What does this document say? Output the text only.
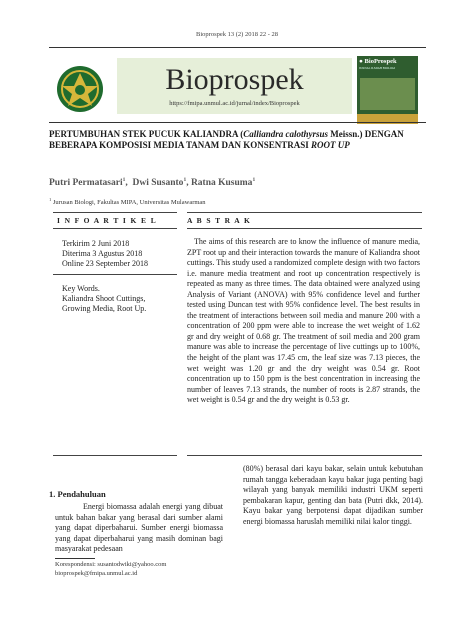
Bioprospek 13 (2) 2018 22 - 28
Bioprospek
https://fmipa.unmul.ac.id/jurnal/index/Bioprospek
● BioProspek
JURNAL ILMIAH BIOLOGI
PERTUMBUHAN STEK PUCUK KALIANDRA (Calliandra calothyrsus Meissn.) DENGAN BEBERAPA KOMPOSISI MEDIA TANAM DAN KONSENTRASI ROOT UP
Putri Permatasari$^1$,  Dwi Susanto$^1$, Ratna Kusuma$^1$
$^1$ Jurusan Biologi, Fakultas MIPA, Universitas Mulawarman
I N F O A R T I K E L	A B S T R A K
Terkirim 2 Juni 2018
Diterima 3 Agustus 2018
Online 23 September 2018
Key Words.
Kaliandra Shoot Cuttings, Growing Media, Root Up.
The aims of this research are to know the influence of manure media, ZPT root up and their interaction towards the manure of Kaliandra shoot cuttings. This study used a randomized complete design with two factors i.e. manure media treatment and root up concentration respectively is repeated as many as three times. The data obtained were analyzed using Analysis of Variant (ANOVA) with 95% confidence level and further tested using Duncan test with 95% confidence level. The best results in the treatment of interactions between soil media and manure 200 with a concentration of 200 ppm were able to increase the wet weight of 1.62 gr and dry weight of 0.68 gr. The treatment of soil media and 200 gram manure was able to increase the percentage of live cuttings up to 100%, the height of the plant was 17.45 cm, the leaf size was 7.13 pieces, the wet weight was 1.20 gr and the dry weight was 0.54 gr. Root concentration up to 150 ppm is the best concentration in increasing the number of leaves 7.13 strands, the number of roots is 2.87 strands, the wet weight is 0.54 gr and the dry weight is 0.53 gr.
1. Pendahuluan
Energi biomassa adalah energi yang dibuat untuk bahan bakar yang berasal dari sumber alami yang dapat diperbaharui. Sumber energi biomassa yang dapat diperbaharui yang masih dominan bagi masyarakat pedesaan
(80%) berasal dari kayu bakar, selain untuk kebutuhan rumah tangga keberadaan kayu bakar juga penting bagi wilayah yang banyak memiliki industri UKM seperti pembakaran kapur, genting dan bata (Putri dkk, 2014). Kayu bakar yang berpotensi dapat dijadikan sumber energi biomassa haruslah memiliki nilai kalor tinggi.
Korespondensi: susantodwiki@yahoo.com
bioprospek@fmipa.unmul.ac.id
